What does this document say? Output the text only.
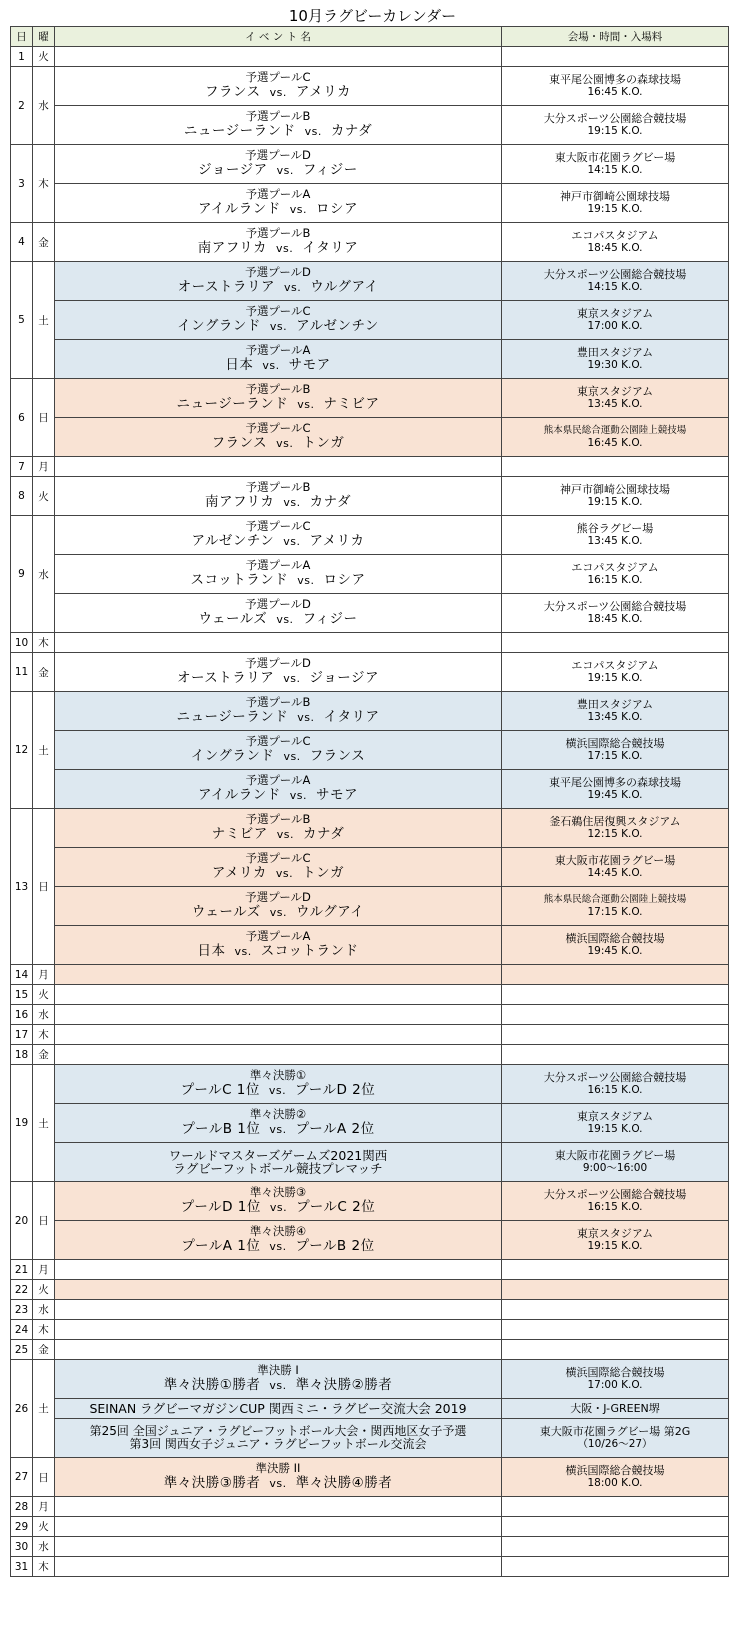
10月ラグビーカレンダー
日	曜	イ ベ ン ト 名	会場・時間・入場料
1	火		
2	水	予選プールC
フランス vs. アメリカ	東平尾公園博多の森球技場
16:45 K.O.

		予選プールB
ニュージーランド vs. カナダ	大分スポーツ公園総合競技場
19:15 K.O.

3	木	予選プールD
ジョージア vs. フィジー	東大阪市花園ラグビー場
14:15 K.O.

		予選プールA
アイルランド vs. ロシア	神戸市御崎公園球技場
19:15 K.O.

4	金	予選プールB
南アフリカ vs. イタリア	エコパスタジアム
18:45 K.O.

5	土	予選プールD
オーストラリア vs. ウルグアイ	大分スポーツ公園総合競技場
14:15 K.O.

		予選プールC
イングランド vs. アルゼンチン	東京スタジアム
17:00 K.O.

		予選プールA
日本 vs. サモア	豊田スタジアム
19:30 K.O.

6	日	予選プールB
ニュージーランド vs. ナミビア	東京スタジアム
13:45 K.O.

		予選プールC
フランス vs. トンガ	熊本県民総合運動公園陸上競技場
16:45 K.O.

7	月		
8	火	予選プールB
南アフリカ vs. カナダ	神戸市御崎公園球技場
19:15 K.O.

9	水	予選プールC
アルゼンチン vs. アメリカ	熊谷ラグビー場
13:45 K.O.

		予選プールA
スコットランド vs. ロシア	エコパスタジアム
16:15 K.O.

		予選プールD
ウェールズ vs. フィジー	大分スポーツ公園総合競技場
18:45 K.O.

10	木		
11	金	予選プールD
オーストラリア vs. ジョージア	エコパスタジアム
19:15 K.O.

12	土	予選プールB
ニュージーランド vs. イタリア	豊田スタジアム
13:45 K.O.

		予選プールC
イングランド vs. フランス	横浜国際総合競技場
17:15 K.O.

		予選プールA
アイルランド vs. サモア	東平尾公園博多の森球技場
19:45 K.O.

13	日	予選プールB
ナミビア vs. カナダ	釜石鵜住居復興スタジアム
12:15 K.O.

		予選プールC
アメリカ vs. トンガ	東大阪市花園ラグビー場
14:45 K.O.

		予選プールD
ウェールズ vs. ウルグアイ	熊本県民総合運動公園陸上競技場
17:15 K.O.

		予選プールA
日本 vs. スコットランド	横浜国際総合競技場
19:45 K.O.

14	月		
15	火		
16	水		
17	木		
18	金		
19	土	準々決勝①
プールC 1位 vs. プールD 2位	大分スポーツ公園総合競技場
16:15 K.O.

		準々決勝②
プールB 1位 vs. プールA 2位	東京スタジアム
19:15 K.O.

		ワールドマスターズゲームズ2021関西
ラグビーフットボール競技プレマッチ	東大阪市花園ラグビー場
9:00～16:00

20	日	準々決勝③
プールD 1位 vs. プールC 2位	大分スポーツ公園総合競技場
16:15 K.O.

		準々決勝④
プールA 1位 vs. プールB 2位	東京スタジアム
19:15 K.O.

21	月		
22	火		
23	水		
24	木		
25	金		
26	土	準決勝 I
準々決勝①勝者 vs. 準々決勝②勝者	横浜国際総合競技場
17:00 K.O.

		SEINAN ラグビーマガジンCUP 関西ミニ・ラグビー交流大会 2019	大阪・J-GREEN堺

		第25回 全国ジュニア・ラグビーフットボール大会・関西地区女子予選
第3回 関西女子ジュニア・ラグビーフットボール交流会	東大阪市花園ラグビー場 第2G
（10/26～27）

27	日	準決勝 II
準々決勝③勝者 vs. 準々決勝④勝者	横浜国際総合競技場
18:00 K.O.

28	月		
29	火		
30	水		
31	木		
